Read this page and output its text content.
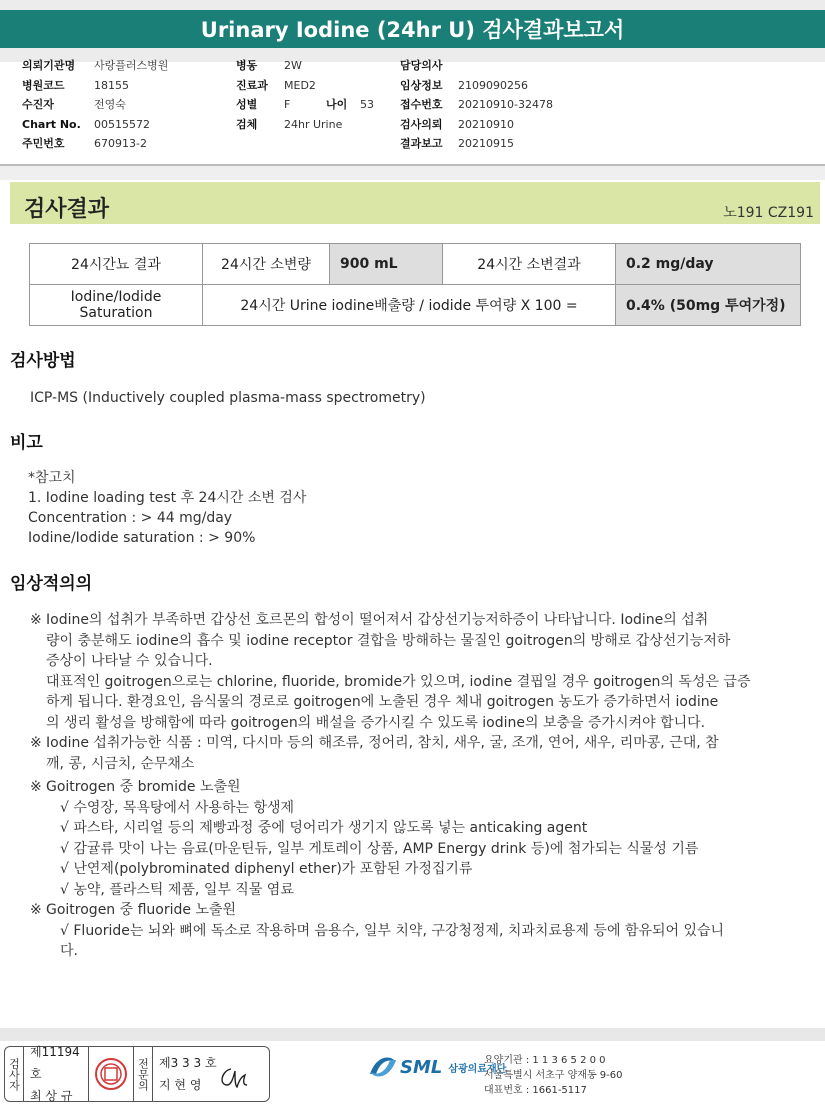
Urinary Iodine (24hr U) 검사결과보고서
의뢰기관명	사랑플러스병원
병원코드	18155
수진자	전영숙
Chart No.	00515572
주민번호	670913-2
병동	2W
진료과	MED2
성별	F	나이	53
검체	24hr Urine
담당의사
임상정보	2109090256
접수번호	20210910-32478
검사의뢰	20210910
결과보고	20210915
검사결과	노191 CZ191
24시간뇨 결과	24시간 소변량	900 mL	24시간 소변결과	0.2 mg/day
Iodine/Iodide Saturation	24시간 Urine iodine배출량 / iodide 투여량 X 100 =			0.4% (50mg 투여가정)
검사방법
ICP-MS (Inductively coupled plasma-mass spectrometry)
비고
*참고치
1. Iodine loading test 후 24시간 소변 검사
Concentration : > 44 mg/day
Iodine/Iodide saturation : > 90%
임상적의의
※ Iodine의 섭취가 부족하면 갑상선 호르몬의 합성이 떨어져서 갑상선기능저하증이 나타납니다. Iodine의 섭취

량이 충분해도 iodine의 흡수 및 iodine receptor 결합을 방해하는 물질인 goitrogen의 방해로 갑상선기능저하

증상이 나타날 수 있습니다.

대표적인 goitrogen으로는 chlorine, fluoride, bromide가 있으며, iodine 결핍일 경우 goitrogen의 독성은 급증

하게 됩니다. 환경요인, 음식물의 경로로 goitrogen에 노출된 경우 체내 goitrogen 농도가 증가하면서 iodine

의 생리 활성을 방해함에 따라 goitrogen의 배설을 증가시킬 수 있도록 iodine의 보충을 증가시켜야 합니다.

※ Iodine 섭취가능한 식품 : 미역, 다시마 등의 해조류, 정어리, 참치, 새우, 굴, 조개, 연어, 새우, 리마콩, 근대, 참

깨, 콩, 시금치, 순무채소

※ Goitrogen 중 bromide 노출원

√ 수영장, 목욕탕에서 사용하는 항생제

√ 파스타, 시리얼 등의 제빵과정 중에 덩어리가 생기지 않도록 넣는 anticaking agent

√ 감귤류 맛이 나는 음료(마운틴듀, 일부 게토레이 상품, AMP Energy drink 등)에 첨가되는 식물성 기름

√ 난연제(polybrominated diphenyl ether)가 포함된 가정집기류

√ 농약, 플라스틱 제품, 일부 직물 염료

※ Goitrogen 중 fluoride 노출원

√ Fluoride는 뇌와 뼈에 독소로 작용하며 음용수, 일부 치약, 구강청정제, 치과치료용제 등에 함유되어 있습니

다.

검사자
제11194호
최 상 규
전문의 제3 3 3 호
지 현 영
SML 삼광의료재단
요양기관 : 1 1 3 6 5 2 0 0
서울특별시 서초구 양재동 9-60
대표번호 : 1661-5117
